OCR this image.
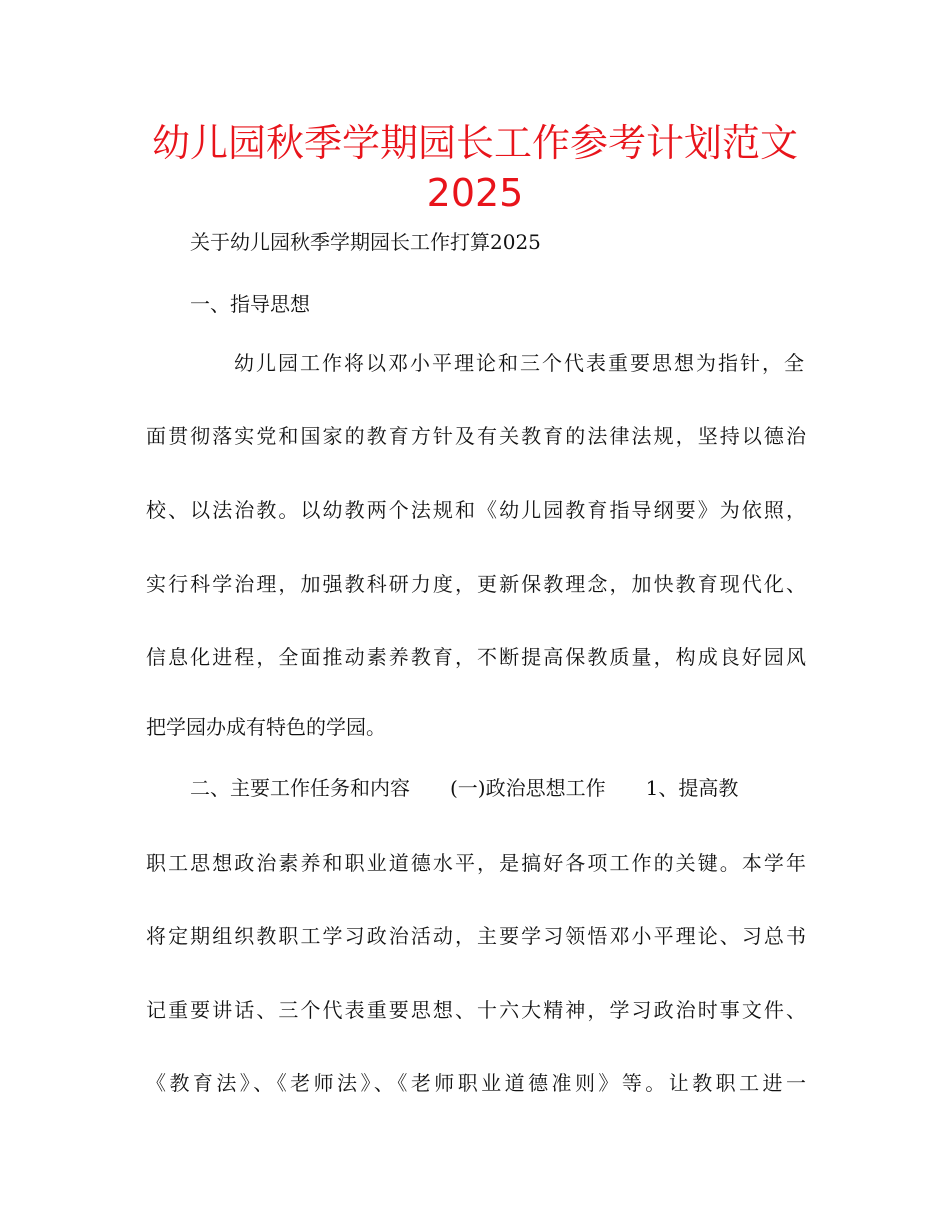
幼儿园秋季学期园长工作参考计划范文
2025

关于幼儿园秋季学期园长工作打算2025

一、指导思想

幼儿园工作将以邓小平理论和三个代表重要思想为指针，全

面贯彻落实党和国家的教育方针及有关教育的法律法规，坚持以德治

校、以法治教。以幼教两个法规和《幼儿园教育指导纲要》为依照，

实行科学治理，加强教科研力度，更新保教理念，加快教育现代化、

信息化进程，全面推动素养教育，不断提高保教质量，构成良好园风

把学园办成有特色的学园。

二、主要工作任务和内容　　(一)政治思想工作　　1、提高教

职工思想政治素养和职业道德水平，是搞好各项工作的关键。本学年

将定期组织教职工学习政治活动，主要学习领悟邓小平理论、习总书

记重要讲话、三个代表重要思想、十六大精神，学习政治时事文件、

《教育法》、《老师法》、《老师职业道德准则》等。让教职工进一
